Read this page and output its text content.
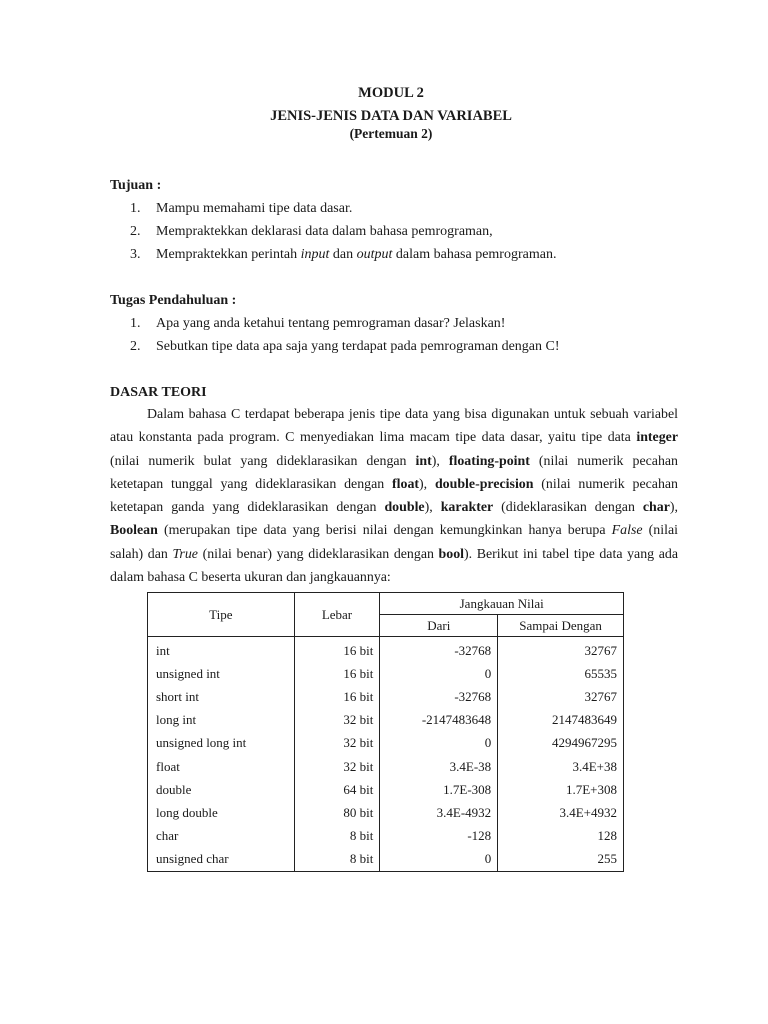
MODUL 2
JENIS-JENIS DATA DAN VARIABEL
(Pertemuan 2)
Tujuan :
1. Mampu memahami tipe data dasar.
2. Mempraktekkan deklarasi data dalam bahasa pemrograman,
3. Mempraktekkan perintah input dan output dalam bahasa pemrograman.
Tugas Pendahuluan :
1. Apa yang anda ketahui tentang pemrograman dasar? Jelaskan!
2. Sebutkan tipe data apa saja yang terdapat pada pemrograman dengan C!
DASAR TEORI

Dalam bahasa C terdapat beberapa jenis tipe data yang bisa digunakan untuk sebuah variabel atau konstanta pada program. C menyediakan lima macam tipe data dasar, yaitu tipe data integer (nilai numerik bulat yang dideklarasikan dengan int), floating-point (nilai numerik pecahan ketetapan tunggal yang dideklarasikan dengan float), double-precision (nilai numerik pecahan ketetapan ganda yang dideklarasikan dengan double), karakter (dideklarasikan dengan char), Boolean (merupakan tipe data yang berisi nilai dengan kemungkinkan hanya berupa False (nilai salah) dan True (nilai benar) yang dideklarasikan dengan bool). Berikut ini tabel tipe data yang ada dalam bahasa C beserta ukuran dan jangkauannya:

Tipe	Lebar	Jangkauan Nilai	
		Dari	Sampai Dengan
int	16 bit	-32768	32767
unsigned int	16 bit	0	65535
short int	16 bit	-32768	32767
long int	32 bit	-2147483648	2147483649
unsigned long int	32 bit	0	4294967295
float	32 bit	3.4E-38	3.4E+38
double	64 bit	1.7E-308	1.7E+308
long double	80 bit	3.4E-4932	3.4E+4932
char	8 bit	-128	128
unsigned char	8 bit	0	255
